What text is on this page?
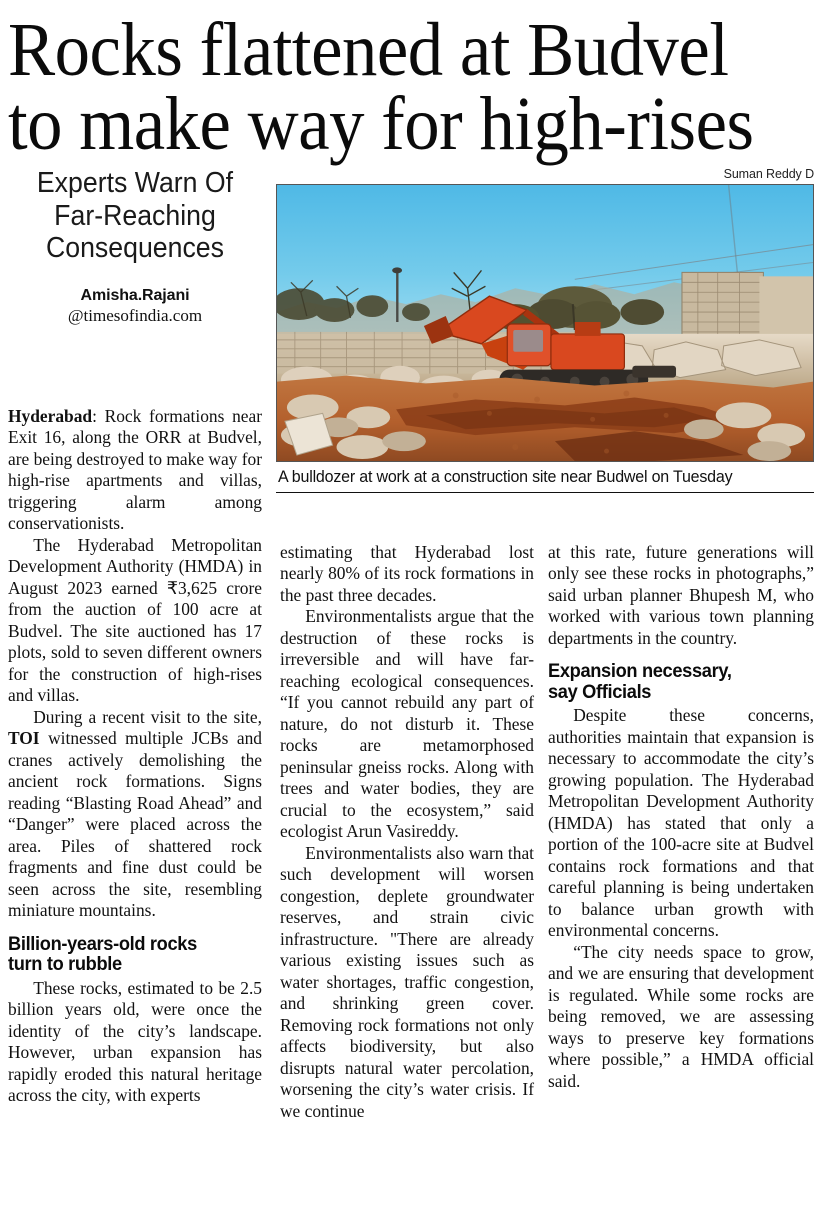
Rocks flattened at Budvel
to make way for high-rises
Experts Warn Of
Far-Reaching
Consequences
Amisha.Rajani
@timesofindia.com
Suman Reddy D
A bulldozer at work at a construction site near Budwel on Tuesday

Hyderabad: Rock formations near Exit 16, along the ORR at Budvel, are being destroyed to make way for high-rise apartments and villas, triggering alarm among conservationists.

The Hyderabad Metropolitan Development Authority (HMDA) in August 2023 earned ₹3,625 crore from the auction of 100 acre at Budvel. The site auctioned has 17 plots, sold to seven different owners for the construction of high-rises and villas.

During a recent visit to the site, TOI witnessed multiple JCBs and cranes actively demolishing the ancient rock formations. Signs reading “Blasting Road Ahead” and “Danger” were placed across the area. Piles of shattered rock fragments and fine dust could be seen across the site, resembling miniature mountains.

Billion-years-old rocks
turn to rubble

These rocks, estimated to be 2.5 billion years old, were once the identity of the city’s landscape. However, urban expansion has rapidly eroded this natural heritage across the city, with experts

estimating that Hyderabad lost nearly 80% of its rock formations in the past three decades.

Environmentalists argue that the destruction of these rocks is irreversible and will have far-reaching ecological consequences. “If you cannot rebuild any part of nature, do not disturb it. These rocks are metamorphosed peninsular gneiss rocks. Along with trees and water bodies, they are crucial to the ecosystem,” said ecologist Arun Vasireddy.

Environmentalists also warn that such development will worsen congestion, deplete groundwater reserves, and strain civic infrastructure. "There are already various existing issues such as water shortages, traffic congestion, and shrinking green cover. Removing rock formations not only affects biodiversity, but also disrupts natural water percolation, worsening the city’s water crisis. If we continue

at this rate, future generations will only see these rocks in photographs,” said urban planner Bhupesh M, who worked with various town planning departments in the country.

Expansion necessary,
say Officials

Despite these concerns, authorities maintain that expansion is necessary to accommodate the city’s growing population. The Hyderabad Metropolitan Development Authority (HMDA) has stated that only a portion of the 100-acre site at Budvel contains rock formations and that careful planning is being undertaken to balance urban growth with environmental concerns.

“The city needs space to grow, and we are ensuring that development is regulated. While some rocks are being removed, we are assessing ways to preserve key formations where possible,” a HMDA official said.
